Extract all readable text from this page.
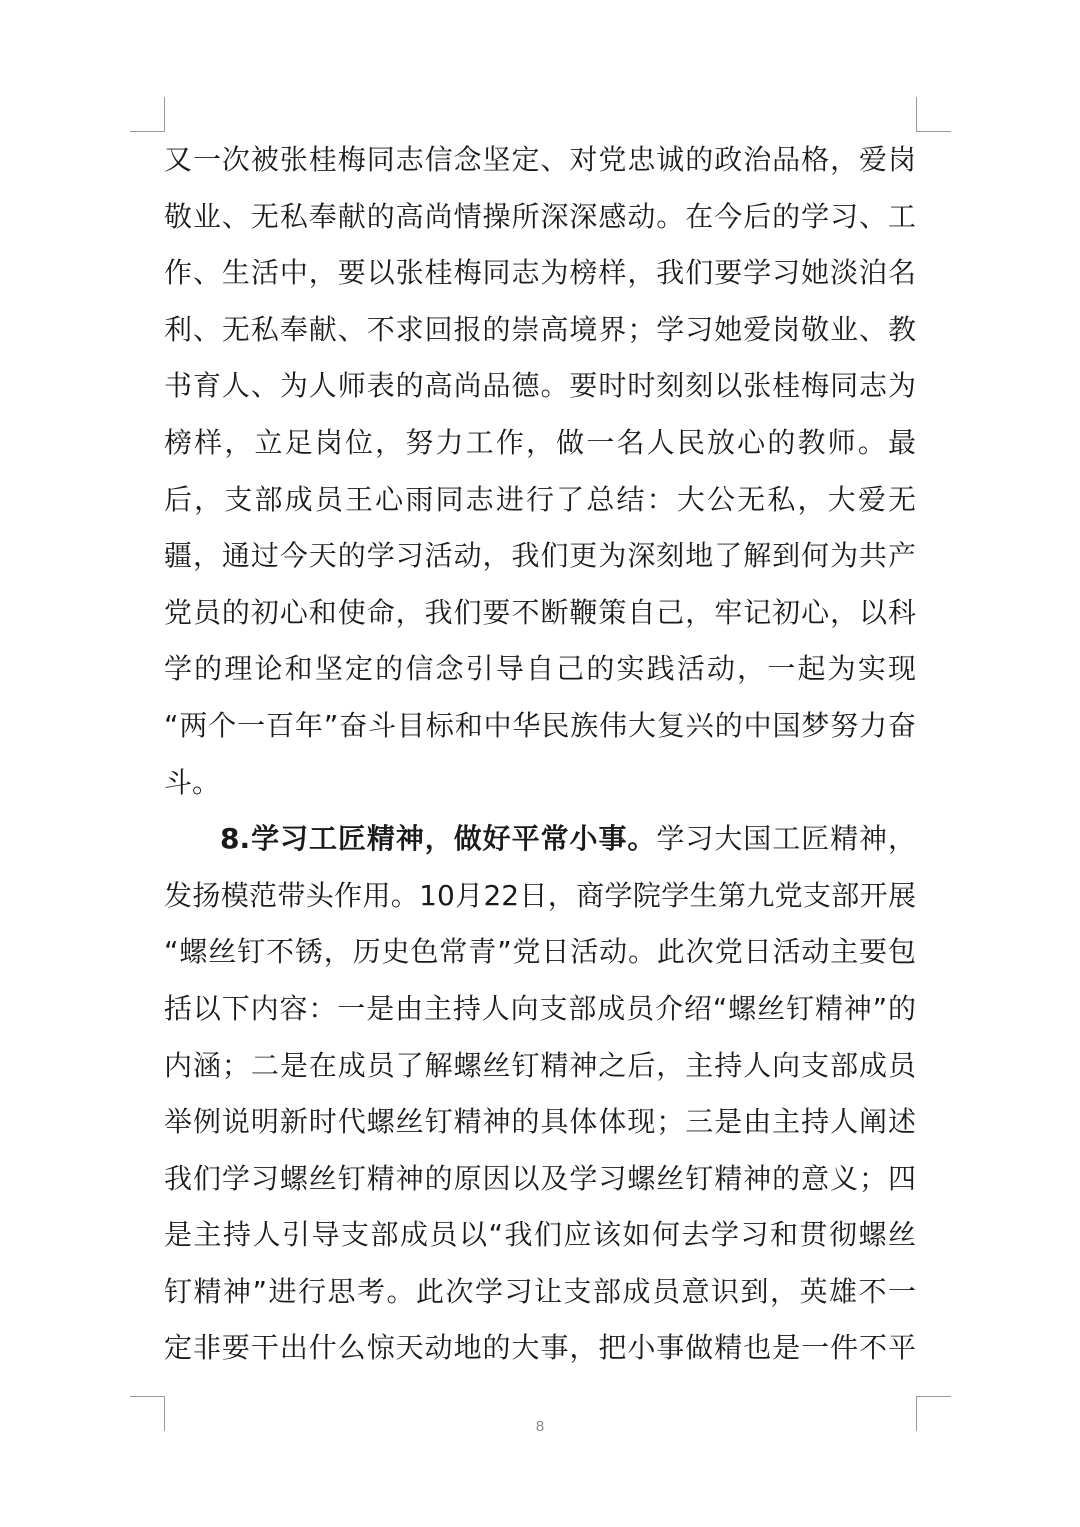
又一次被张桂梅同志信念坚定、对党忠诚的政治品格，爱岗
敬业、无私奉献的高尚情操所深深感动。在今后的学习、工
作、生活中，要以张桂梅同志为榜样，我们要学习她淡泊名
利、无私奉献、不求回报的崇高境界；学习她爱岗敬业、教
书育人、为人师表的高尚品德。要时时刻刻以张桂梅同志为
榜样，立足岗位，努力工作，做一名人民放心的教师。最
后，支部成员王心雨同志进行了总结：大公无私，大爱无
疆，通过今天的学习活动，我们更为深刻地了解到何为共产
党员的初心和使命，我们要不断鞭策自己，牢记初心，以科
学的理论和坚定的信念引导自己的实践活动，一起为实现
“两个一百年”奋斗目标和中华民族伟大复兴的中国梦努力奋
斗。
8.学习工匠精神，做好平常小事。学习大国工匠精神，
发扬模范带头作用。10月22日，商学院学生第九党支部开展
“螺丝钉不锈，历史色常青”党日活动。此次党日活动主要包
括以下内容：一是由主持人向支部成员介绍“螺丝钉精神”的
内涵；二是在成员了解螺丝钉精神之后，主持人向支部成员
举例说明新时代螺丝钉精神的具体体现；三是由主持人阐述
我们学习螺丝钉精神的原因以及学习螺丝钉精神的意义；四
是主持人引导支部成员以“我们应该如何去学习和贯彻螺丝
钉精神”进行思考。此次学习让支部成员意识到，英雄不一
定非要干出什么惊天动地的大事，把小事做精也是一件不平
8
